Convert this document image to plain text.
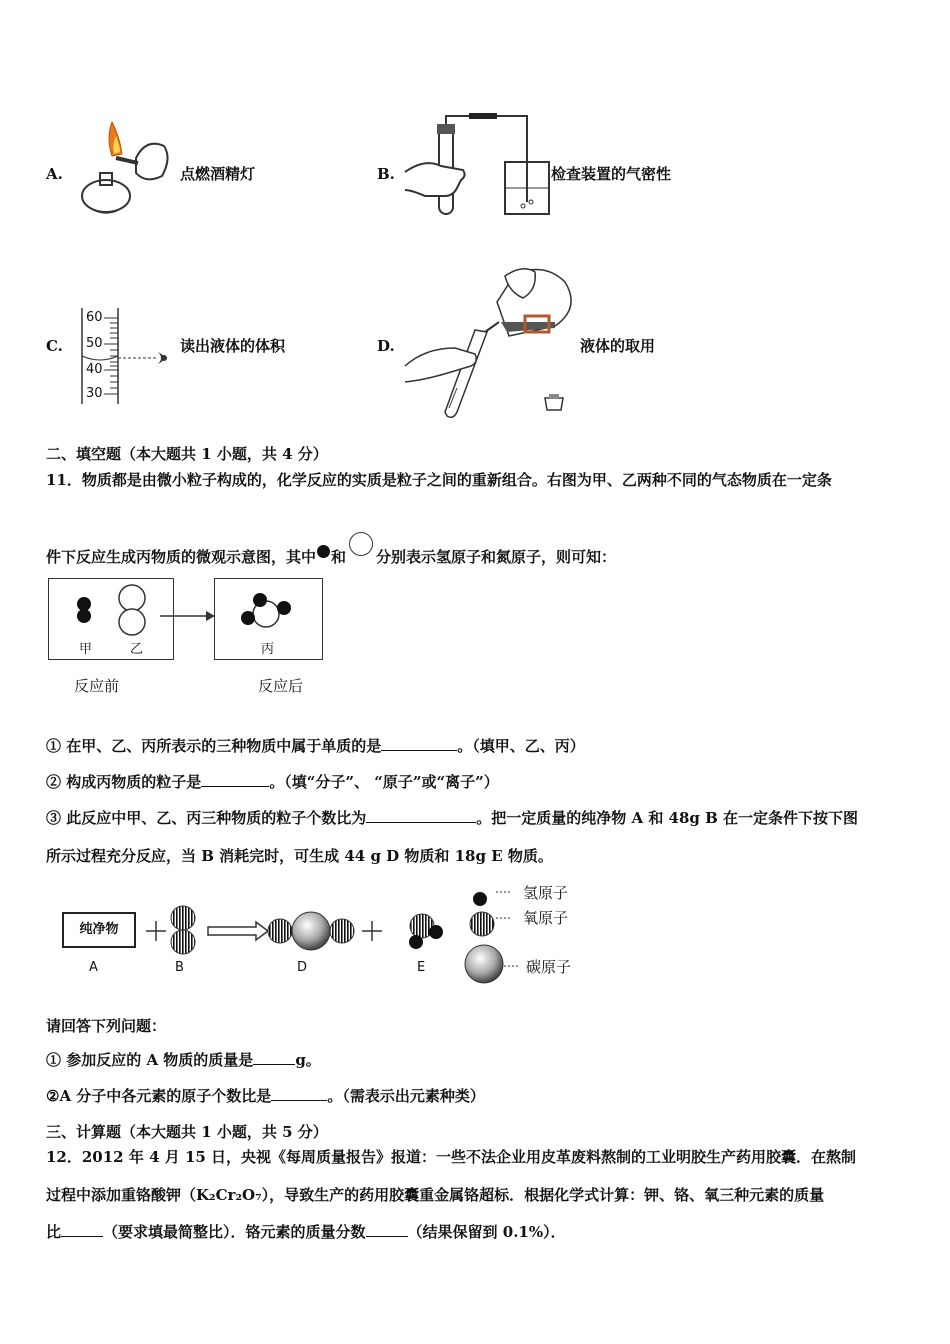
A.	点燃酒精灯	B.	检查装置的气密性
C.
60
50
40
30
读出液体的体积	D.	液体的取用
二、填空题（本大题共 1 小题，共 4 分）
11．物质都是由微小粒子构成的，化学反应的实质是粒子之间的重新组合。右图为甲、乙两种不同的气态物质在一定条
件下反应生成丙物质的微观示意图，其中 和 分别表示氢原子和氮原子，则可知：
甲	乙	丙
反应前	反应后
① 在甲、乙、丙所表示的三种物质中属于单质的是	。（填甲、乙、丙）
② 构成丙物质的粒子是	。（填“分子”、 “原子”或“离子”）
③ 此反应中甲、乙、丙三种物质的粒子个数比为	。把一定质量的纯净物 A 和 48g B 在一定条件下按下图
所示过程充分反应，当 B 消耗完时，可生成 44 g D 物质和 18g E 物质。
纯净物
A	B	D	E
氢原子
氧原子
碳原子
请回答下列问题：
① 参加反应的 A 物质的质量是	g。
②A 分子中各元素的原子个数比是	。（需表示出元素种类）
三、计算题（本大题共 1 小题，共 5 分）
12．2012 年 4 月 15 日，央视《每周质量报告》报道：一些不法企业用皮革废料熬制的工业明胶生产药用胶囊．在熬制
过程中添加重铬酸钾（K₂Cr₂O₇），导致生产的药用胶囊重金属铬超标．根据化学式计算：钾、铬、氧三种元素的质量
比	（要求填最简整比）．铬元素的质量分数	（结果保留到 0.1%）．
